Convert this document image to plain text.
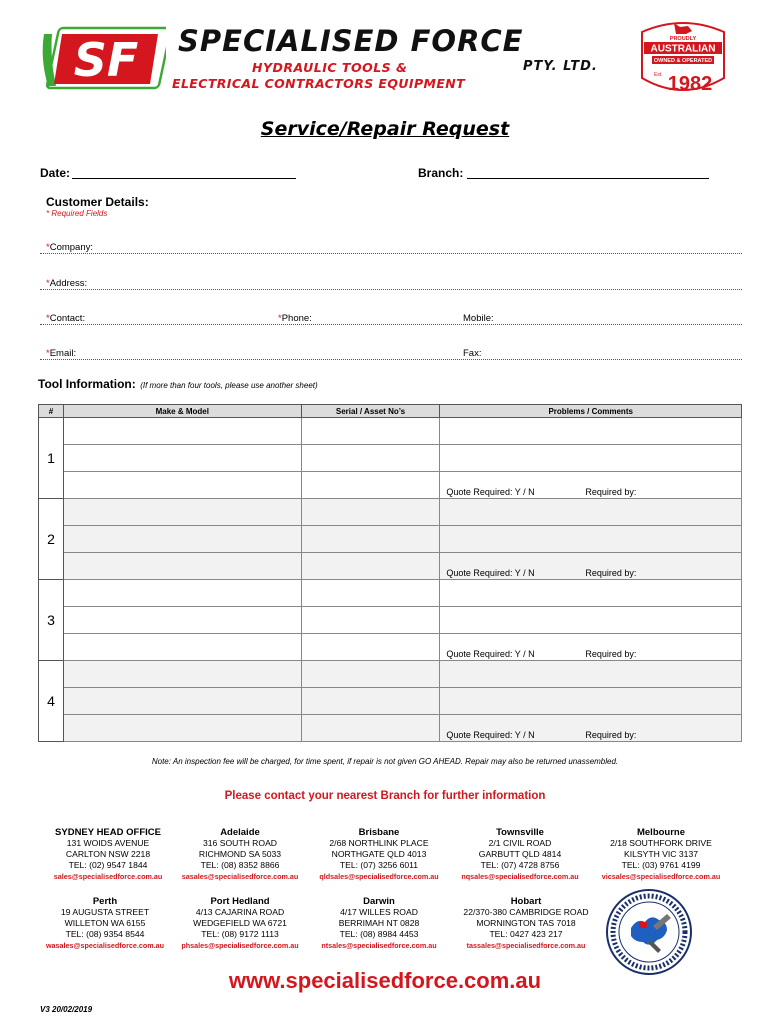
SF SPECIALISED FORCE
HYDRAULIC TOOLS &	PTY. LTD.
ELECTRICAL CONTRACTORS EQUIPMENT
PROUDLY
AUSTRALIAN
OWNED & OPERATED
Est. 1982
Service/Repair Request
Date:	Branch:
Customer Details:
* Required Fields
*Company:
*Address:
*Contact:	*Phone:	Mobile:
*Email:	Fax:
Tool Information: (If more than four tools, please use another sheet)
#	Make & Model	Serial / Asset No’s	Problems / Comments
1			

			Quote Required: Y / N Required by:

2			

			Quote Required: Y / N Required by:

3			

			Quote Required: Y / N Required by:

4			

			Quote Required: Y / N Required by:
Note: An inspection fee will be charged, for time spent, if repair is not given GO AHEAD. Repair may also be returned unassembled.
Please contact your nearest Branch for further information
SYDNEY HEAD OFFICE
131 WOIDS AVENUE
CARLTON NSW 2218
TEL: (02) 9547 1844
sales@specialisedforce.com.au
Adelaide
316 SOUTH ROAD
RICHMOND SA 5033
TEL: (08) 8352 8866
sasales@specialisedforce.com.au
Brisbane
2/68 NORTHLINK PLACE
NORTHGATE QLD 4013
TEL: (07) 3256 6011
qldsales@specialisedforce.com.au
Townsville
2/1 CIVIL ROAD
GARBUTT QLD 4814
TEL: (07) 4728 8756
nqsales@specialisedforce.com.au
Melbourne
2/18 SOUTHFORK DRIVE
KILSYTH VIC 3137
TEL: (03) 9761 4199
vicsales@specialisedforce.com.au
Perth
19 AUGUSTA STREET
WILLETON WA 6155
TEL: (08) 9354 8544
wasales@specialisedforce.com.au
Port Hedland
4/13 CAJARINA ROAD
WEDGEFIELD WA 6721
TEL: (08) 9172 1113
phsales@specialisedforce.com.au
Darwin
4/17 WILLES ROAD
BERRIMAH NT 0828
TEL: (08) 8984 4453
ntsales@specialisedforce.com.au
Hobart
22/370-380 CAMBRIDGE ROAD
MORNINGTON TAS 7018
TEL: 0427 423 217
tassales@specialisedforce.com.au
www.specialisedforce.com.au
V3 20/02/2019
